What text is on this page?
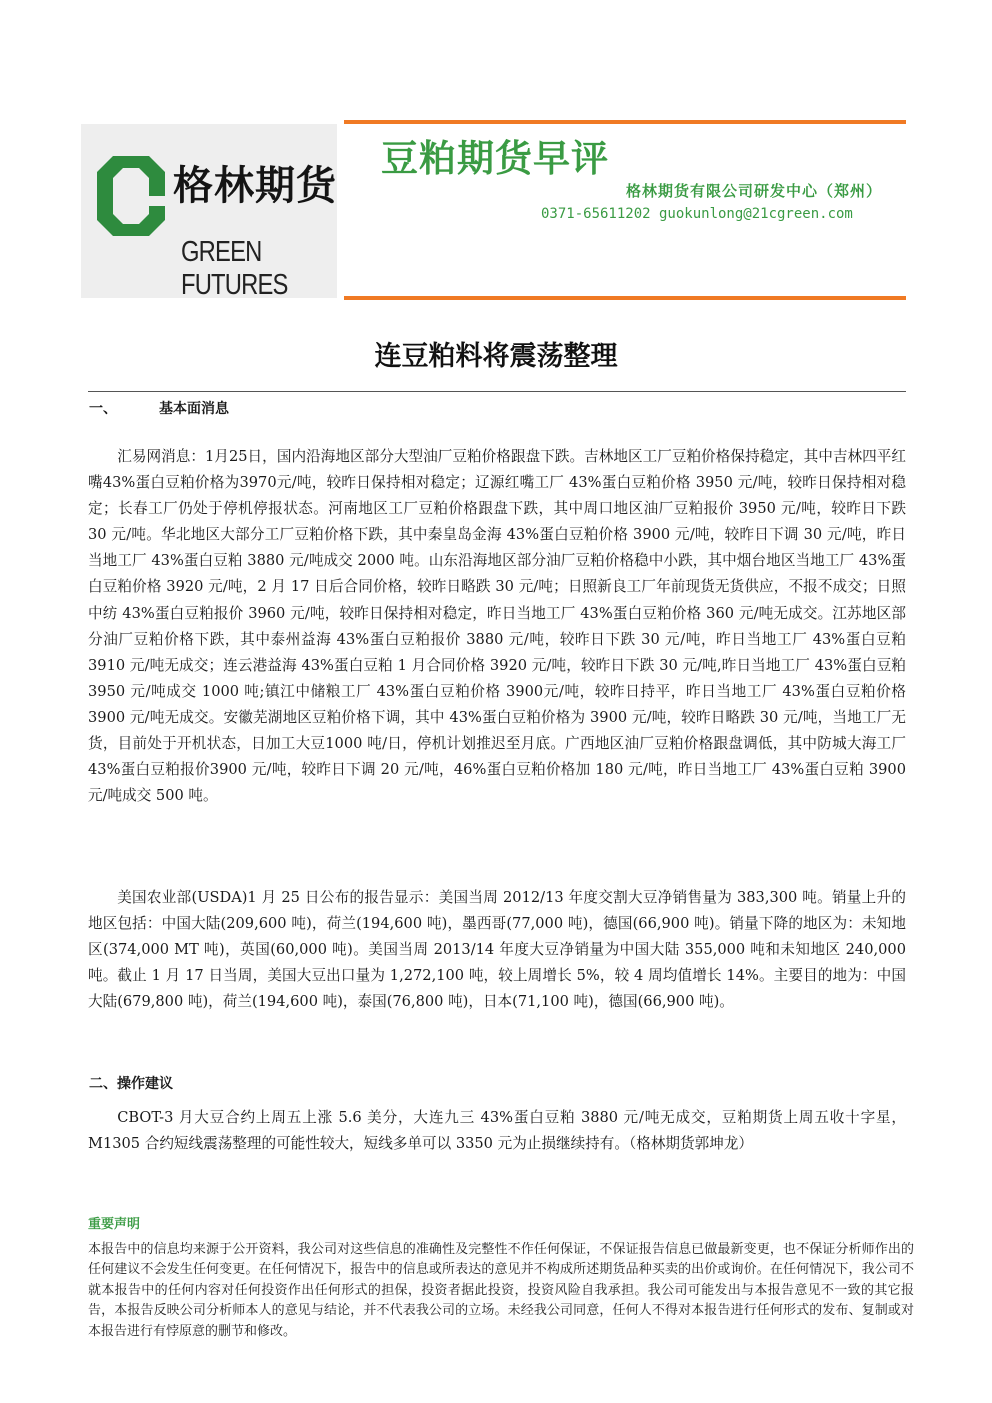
格林期货
GREEN FUTURES
豆粕期货早评
格林期货有限公司研发中心（郑州）
0371-65611202 guokunlong@21cgreen.com
连豆粕料将震荡整理
一、	基本面消息

汇易网消息：1月25日，国内沿海地区部分大型油厂豆粕价格跟盘下跌。吉林地区工厂豆粕价格保持稳定，其中吉林四平红嘴43%蛋白豆粕价格为3970元/吨，较昨日保持相对稳定；辽源红嘴工厂 43%蛋白豆粕价格 3950 元/吨，较昨日保持相对稳定；长春工厂仍处于停机停报状态。河南地区工厂豆粕价格跟盘下跌，其中周口地区油厂豆粕报价 3950 元/吨，较昨日下跌 30 元/吨。华北地区大部分工厂豆粕价格下跌，其中秦皇岛金海 43%蛋白豆粕价格 3900 元/吨，较昨日下调 30 元/吨，昨日当地工厂 43%蛋白豆粕 3880 元/吨成交 2000 吨。山东沿海地区部分油厂豆粕价格稳中小跌，其中烟台地区当地工厂 43%蛋白豆粕价格 3920 元/吨，2 月 17 日后合同价格，较昨日略跌 30 元/吨；日照新良工厂年前现货无货供应，不报不成交；日照中纺 43%蛋白豆粕报价 3960 元/吨，较昨日保持相对稳定，昨日当地工厂 43%蛋白豆粕价格 360 元/吨无成交。江苏地区部分油厂豆粕价格下跌，其中泰州益海 43%蛋白豆粕报价 3880 元/吨，较昨日下跌 30 元/吨，昨日当地工厂 43%蛋白豆粕 3910 元/吨无成交；连云港益海 43%蛋白豆粕 1 月合同价格 3920 元/吨，较昨日下跌 30 元/吨,昨日当地工厂 43%蛋白豆粕 3950 元/吨成交 1000 吨;镇江中储粮工厂 43%蛋白豆粕价格 3900元/吨，较昨日持平，昨日当地工厂 43%蛋白豆粕价格 3900 元/吨无成交。安徽芜湖地区豆粕价格下调，其中 43%蛋白豆粕价格为 3900 元/吨，较昨日略跌 30 元/吨，当地工厂无货，目前处于开机状态，日加工大豆1000 吨/日，停机计划推迟至月底。广西地区油厂豆粕价格跟盘调低，其中防城大海工厂 43%蛋白豆粕报价3900 元/吨，较昨日下调 20 元/吨，46%蛋白豆粕价格加 180 元/吨，昨日当地工厂 43%蛋白豆粕 3900 元/吨成交 500 吨。

美国农业部(USDA)1 月 25 日公布的报告显示：美国当周 2012/13 年度交割大豆净销售量为 383,300 吨。销量上升的地区包括：中国大陆(209,600 吨)，荷兰(194,600 吨)，墨西哥(77,000 吨)，德国(66,900 吨)。销量下降的地区为：未知地区(374,000 MT 吨)，英国(60,000 吨)。美国当周 2013/14 年度大豆净销量为中国大陆 355,000 吨和未知地区 240,000 吨。截止 1 月 17 日当周，美国大豆出口量为 1,272,100 吨，较上周增长 5%，较 4 周均值增长 14%。主要目的地为：中国大陆(679,800 吨)，荷兰(194,600 吨)，泰国(76,800 吨)，日本(71,100 吨)，德国(66,900 吨)。

二、操作建议

CBOT-3 月大豆合约上周五上涨 5.6 美分，大连九三 43%蛋白豆粕 3880 元/吨无成交，豆粕期货上周五收十字星，M1305 合约短线震荡整理的可能性较大，短线多单可以 3350 元为止损继续持有。（格林期货郭坤龙）

重要声明

本报告中的信息均来源于公开资料，我公司对这些信息的准确性及完整性不作任何保证，不保证报告信息已做最新变更，也不保证分析师作出的任何建议不会发生任何变更。在任何情况下，报告中的信息或所表达的意见并不构成所述期货品种买卖的出价或询价。在任何情况下，我公司不就本报告中的任何内容对任何投资作出任何形式的担保，投资者据此投资，投资风险自我承担。我公司可能发出与本报告意见不一致的其它报告，本报告反映公司分析师本人的意见与结论，并不代表我公司的立场。未经我公司同意，任何人不得对本报告进行任何形式的发布、复制或对本报告进行有悖原意的删节和修改。
